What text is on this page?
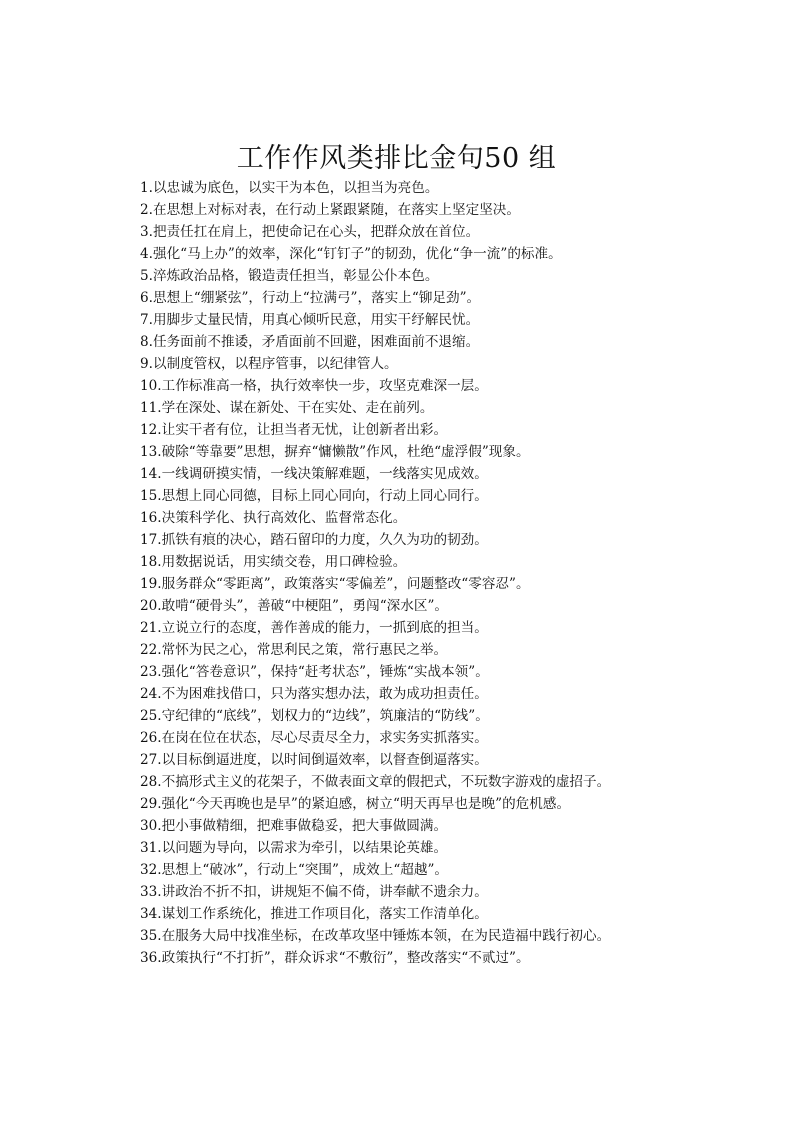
工作作风类排比金句50 组
1.以忠诚为底色，以实干为本色，以担当为亮色。
2.在思想上对标对表，在行动上紧跟紧随，在落实上坚定坚决。
3.把责任扛在肩上，把使命记在心头，把群众放在首位。
4.强化“马上办”的效率，深化“钉钉子”的韧劲，优化“争一流”的标准。
5.淬炼政治品格，锻造责任担当，彰显公仆本色。
6.思想上“绷紧弦”，行动上“拉满弓”，落实上“铆足劲”。
7.用脚步丈量民情，用真心倾听民意，用实干纾解民忧。
8.任务面前不推诿，矛盾面前不回避，困难面前不退缩。
9.以制度管权，以程序管事，以纪律管人。
10.工作标准高一格，执行效率快一步，攻坚克难深一层。
11.学在深处、谋在新处、干在实处、走在前列。
12.让实干者有位，让担当者无忧，让创新者出彩。
13.破除“等靠要”思想，摒弃“慵懒散”作风，杜绝“虚浮假”现象。
14.一线调研摸实情，一线决策解难题，一线落实见成效。
15.思想上同心同德，目标上同心同向，行动上同心同行。
16.决策科学化、执行高效化、监督常态化。
17.抓铁有痕的决心，踏石留印的力度，久久为功的韧劲。
18.用数据说话，用实绩交卷，用口碑检验。
19.服务群众“零距离”，政策落实“零偏差”，问题整改“零容忍”。
20.敢啃“硬骨头”，善破“中梗阻”，勇闯“深水区”。
21.立说立行的态度，善作善成的能力，一抓到底的担当。
22.常怀为民之心，常思利民之策，常行惠民之举。
23.强化“答卷意识”，保持“赶考状态”，锤炼“实战本领”。
24.不为困难找借口，只为落实想办法，敢为成功担责任。
25.守纪律的“底线”，划权力的“边线”，筑廉洁的“防线”。
26.在岗在位在状态，尽心尽责尽全力，求实务实抓落实。
27.以目标倒逼进度，以时间倒逼效率，以督查倒逼落实。
28.不搞形式主义的花架子，不做表面文章的假把式，不玩数字游戏的虚招子。
29.强化“今天再晚也是早”的紧迫感，树立“明天再早也是晚”的危机感。
30.把小事做精细，把难事做稳妥，把大事做圆满。
31.以问题为导向，以需求为牵引，以结果论英雄。
32.思想上“破冰”，行动上“突围”，成效上“超越”。
33.讲政治不折不扣，讲规矩不偏不倚，讲奉献不遗余力。
34.谋划工作系统化，推进工作项目化，落实工作清单化。
35.在服务大局中找准坐标，在改革攻坚中锤炼本领，在为民造福中践行初心。
36.政策执行“不打折”，群众诉求“不敷衍”，整改落实“不贰过”。
